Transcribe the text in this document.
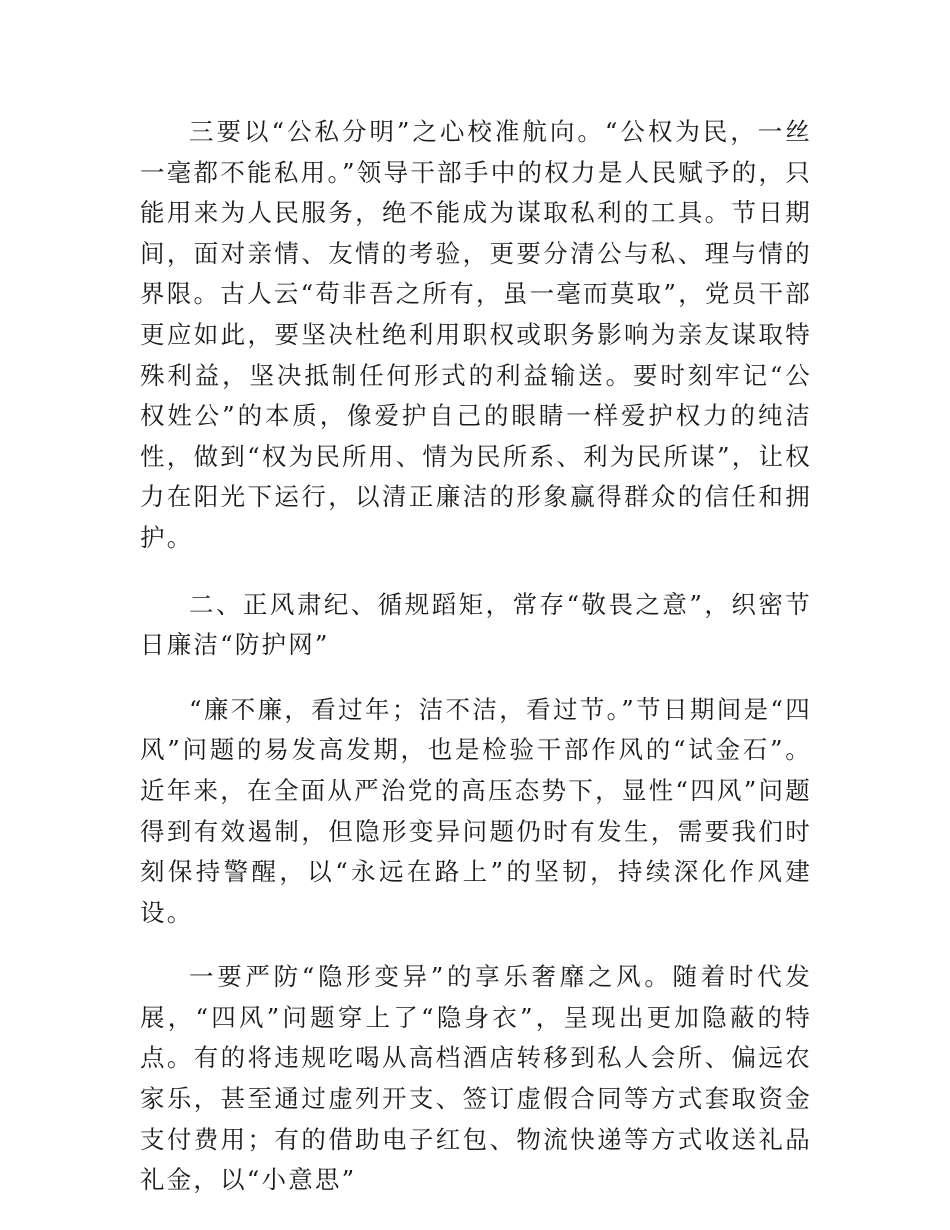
三要以“公私分明”之心校准航向。“公权为民，一丝一毫都不能私用。”领导干部手中的权力是人民赋予的，只能用来为人民服务，绝不能成为谋取私利的工具。节日期间，面对亲情、友情的考验，更要分清公与私、理与情的界限。古人云“苟非吾之所有，虽一毫而莫取”，党员干部更应如此，要坚决杜绝利用职权或职务影响为亲友谋取特殊利益，坚决抵制任何形式的利益输送。要时刻牢记“公权姓公”的本质，像爱护自己的眼睛一样爱护权力的纯洁性，做到“权为民所用、情为民所系、利为民所谋”，让权力在阳光下运行，以清正廉洁的形象赢得群众的信任和拥护。

二、正风肃纪、循规蹈矩，常存“敬畏之意”，织密节日廉洁“防护网”

“廉不廉，看过年；洁不洁，看过节。”节日期间是“四风”问题的易发高发期，也是检验干部作风的“试金石”。近年来，在全面从严治党的高压态势下，显性“四风”问题得到有效遏制，但隐形变异问题仍时有发生，需要我们时刻保持警醒，以“永远在路上”的坚韧，持续深化作风建设。

一要严防“隐形变异”的享乐奢靡之风。随着时代发展，“四风”问题穿上了“隐身衣”，呈现出更加隐蔽的特点。有的将违规吃喝从高档酒店转移到私人会所、偏远农家乐，甚至通过虚列开支、签订虚假合同等方式套取资金支付费用；有的借助电子红包、物流快递等方式收送礼品礼金，以“小意思”
